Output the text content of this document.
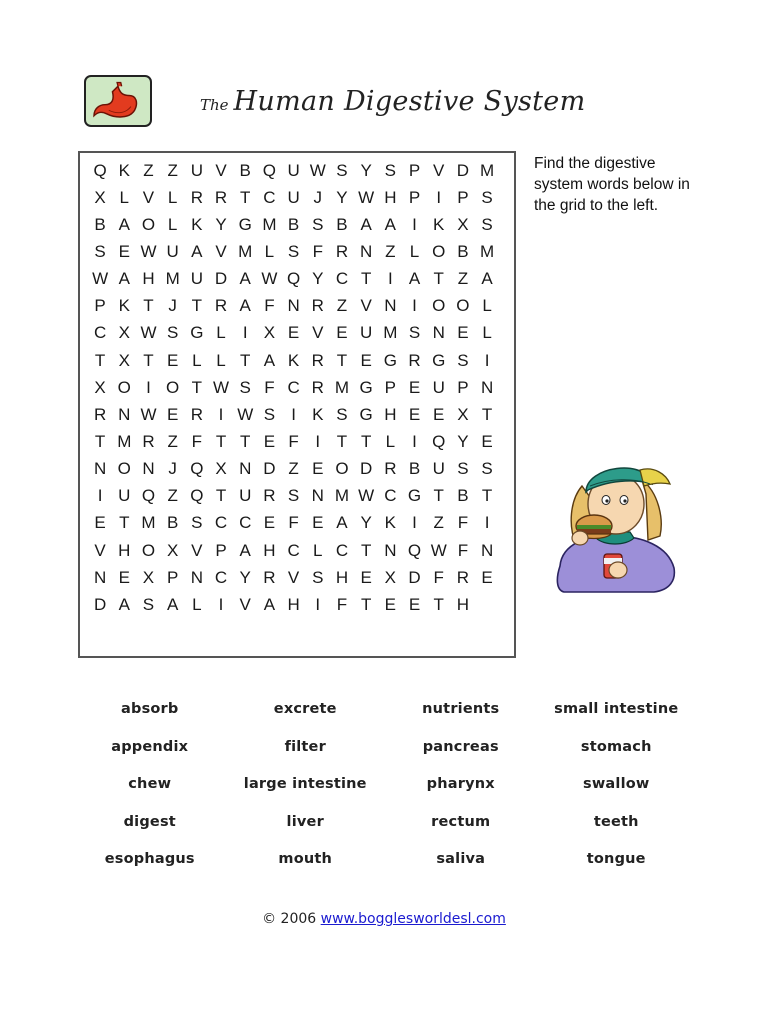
The Human Digestive System
Q K Z Z U V B Q U W S Y S P V D M
X L V L R R T C U J Y W H P I P S
B A O L K Y G M B S B A A I K X S
S E W U A V M L S F R N Z L O B M
W A H M U D A W Q Y C T I A T Z A
P K T J T R A F N R Z V N I O O L
C X W S G L	I X E V E U M S N E L
T X T E L L T A K R T E G R G S I
X O I O T W S F C R M G P E U P N
R N W E R I W S I K S G H E E X T
T M R Z F T T E F I T T L	I Q Y E
N O N J Q X N D Z E O D R B U S S
I U Q Z Q T U R S N M W C G T B T
E T M B S C C E F E A Y K I Z F I
V H O X V P A H C L C T N Q W F N
N E X P N C Y R V S H E X D F R E
D A S A L	I V A H I F T E E T H

Find the digestive system words below in the grid to the left.

absorb	excrete	nutrients	small intestine
appendix	filter	pancreas	stomach
chew	large intestine	pharynx	swallow
digest	liver	rectum	teeth
esophagus	mouth	saliva	tongue
© 2006 www.bogglesworldesl.com
